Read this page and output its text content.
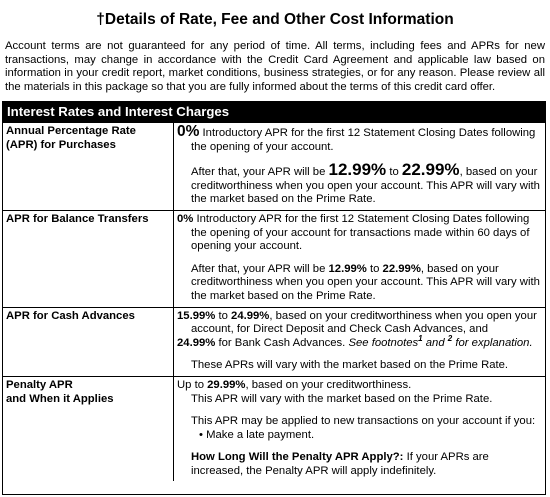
†Details of Rate, Fee and Other Cost Information
Account terms are not guaranteed for any period of time. All terms, including fees and APRs for new transactions, may change in accordance with the Credit Card Agreement and applicable law based on information in your credit report, market conditions, business strategies, or for any reason. Please review all the materials in this package so that you are fully informed about the terms of this credit card offer.
Interest Rates and Interest Charges
Annual Percentage Rate (APR) for Purchases
0% Introductory APR for the first 12 Statement Closing Dates following the opening of your account.
After that, your APR will be 12.99% to 22.99%, based on your creditworthiness when you open your account. This APR will vary with the market based on the Prime Rate.
APR for Balance Transfers	0% Introductory APR for the first 12 Statement Closing Dates following the opening of your account for transactions made within 60 days of opening your account.
After that, your APR will be 12.99% to 22.99%, based on your creditworthiness when you open your account. This APR will vary with the market based on the Prime Rate.
APR for Cash Advances	15.99% to 24.99%, based on your creditworthiness when you open your account, for Direct Deposit and Check Cash Advances, and
24.99% for Bank Cash Advances. See footnotes$^1$ and $^2$ for explanation.
These APRs will vary with the market based on the Prime Rate.
Penalty APR
and When it Applies
Up to 29.99%, based on your creditworthiness.
This APR will vary with the market based on the Prime Rate.
This APR may be applied to new transactions on your account if you:
• Make a late payment.
How Long Will the Penalty APR Apply?: If your APRs are increased, the Penalty APR will apply indefinitely.
